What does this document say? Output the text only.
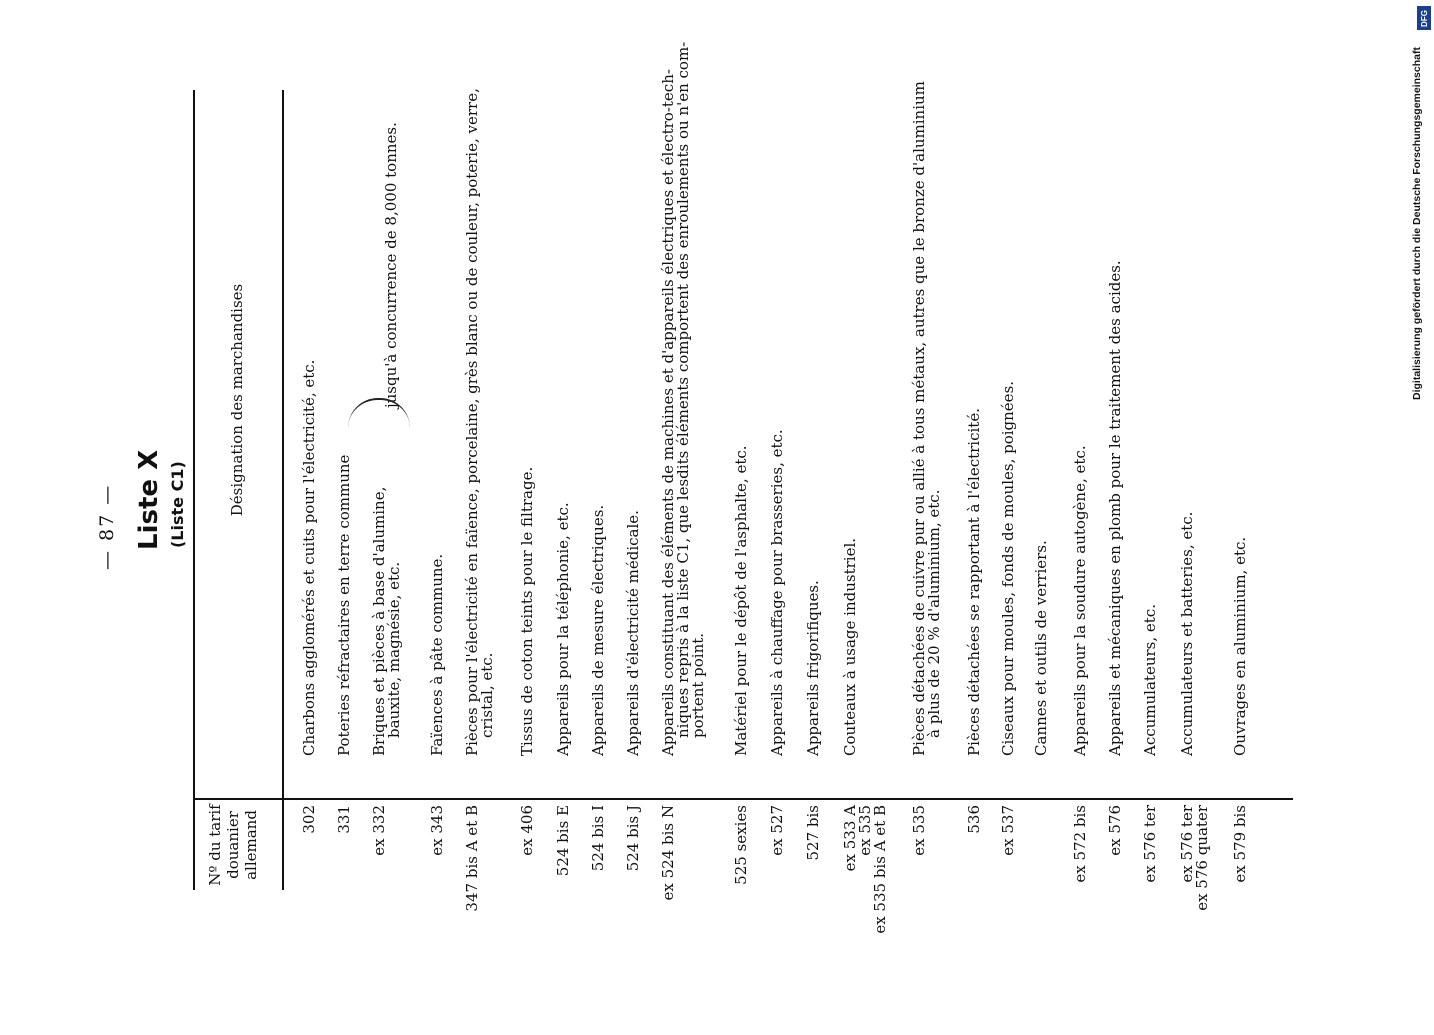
— 87 — Liste X (Liste C1)
Nº du tarif douanier allemand
Désignation des marchandises
302
Charbons agglomérés et cuits pour l'électricité, etc.
331
Poteries réfractaires en terre commune
ex 332
Briques et pièces à base d'alumine,
bauxite, magnésie, etc.
ex 343
Faïences à pâte commune.
347 bis A et B
Pièces pour l'électricité en faïence, porcelaine, grès blanc ou de couleur, poterie, verre,
cristal, etc.
ex 406
Tissus de coton teints pour le filtrage.
524 bis E
Appareils pour la téléphonie, etc.
524 bis I
Appareils de mesure électriques.
524 bis J
Appareils d'électricité médicale.
ex 524 bis N
Appareils constituant des éléments de machines et d'appareils électriques et électro-tech-
niques repris à la liste C1, que lesdits éléments comportent des enroulements ou n'en com-
portent point.
525 sexies
Matériel pour le dépôt de l'asphalte, etc.
ex 527
Appareils à chauffage pour brasseries, etc.
527 bis
Appareils frigorifiques.
ex 533 A
ex 535
ex 535 bis A et B
Couteaux à usage industriel.
ex 535
Pièces détachées de cuivre pur ou allié à tous métaux, autres que le bronze d'aluminium
à plus de 20 % d'aluminium, etc.
536
Pièces détachées se rapportant à l'électricité.
ex 537
Ciseaux pour moules, fonds de moules, poignées. Cannes et outils de verriers.
ex 572 bis
Appareils pour la soudure autogène, etc.
ex 576
Appareils et mécaniques en plomb pour le traitement des acides.
ex 576 ter
Accumulateurs, etc.
ex 576 ter
ex 576 quater
Accumulateurs et batteries, etc.
ex 579 bis
Ouvrages en aluminium, etc.
jusqu'à concurrence de 8,000 tonnes.
DFG
Digitalisierung gefördert durch die Deutsche Forschungsgemeinschaft
